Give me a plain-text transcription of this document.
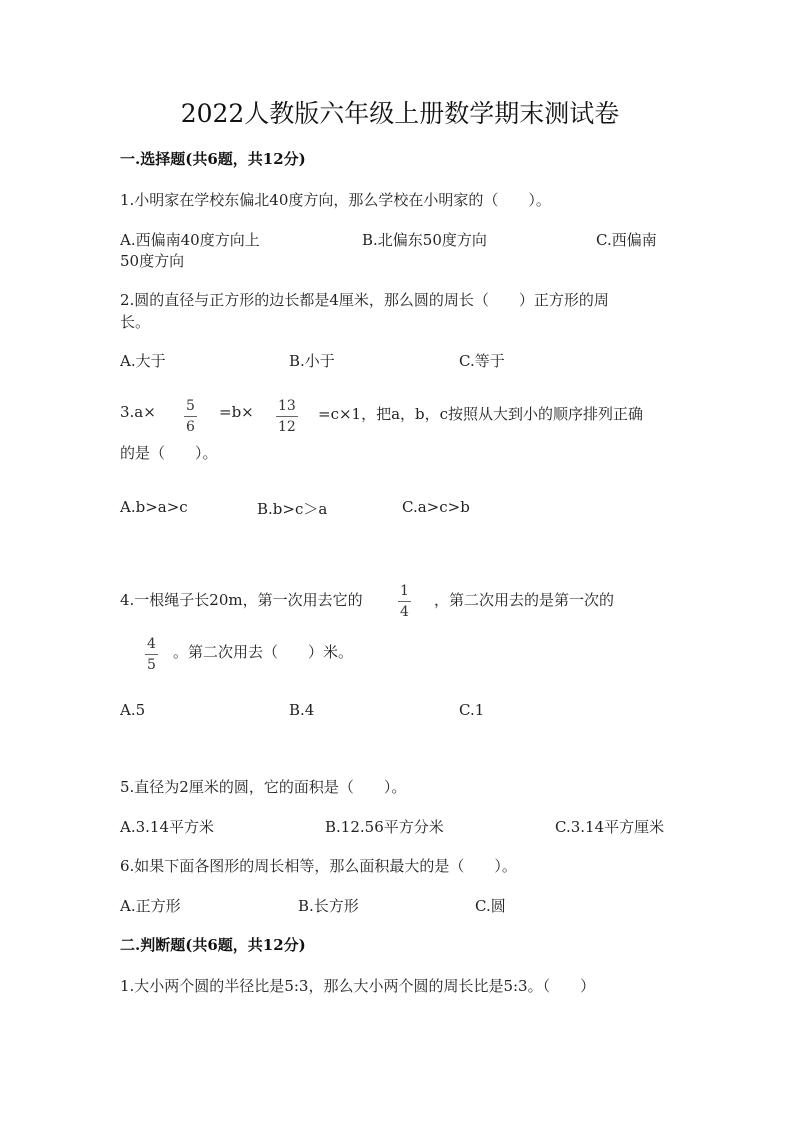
2022人教版六年级上册数学期末测试卷
一.选择题(共6题，共12分)
1.小明家在学校东偏北40度方向，那么学校在小明家的（　　）。
A.西偏南40度方向上	B.北偏东50度方向	C.西偏南
50度方向
2.圆的直径与正方形的边长都是4厘米，那么圆的周长（　　）正方形的周
长。
A.大于	B.小于	C.等于
$3.a\times \frac{5}{6} =b\times \frac{13}{12} =c\times 1$，把a，b，c按照从大到小的顺序排列正确
的是（　　）。
A.b>a>c	B.b>c＞a	C.a>c>b
4.一根绳子长20m，第一次用去它的	$\frac{1}{4}$ ，第二次用去的是第一次的
$\frac{4}{5}$ 。第二次用去（　　）米。
A.5	B.4	C.1
5.直径为2厘米的圆，它的面积是（　　）。
A.3.14平方米	B.12.56平方分米	C.3.14平方厘米
6.如果下面各图形的周长相等，那么面积最大的是（　　）。
A.正方形	B.长方形	C.圆
二.判断题(共6题，共12分)
1.大小两个圆的半径比是5:3，那么大小两个圆的周长比是5:3。（　　）
